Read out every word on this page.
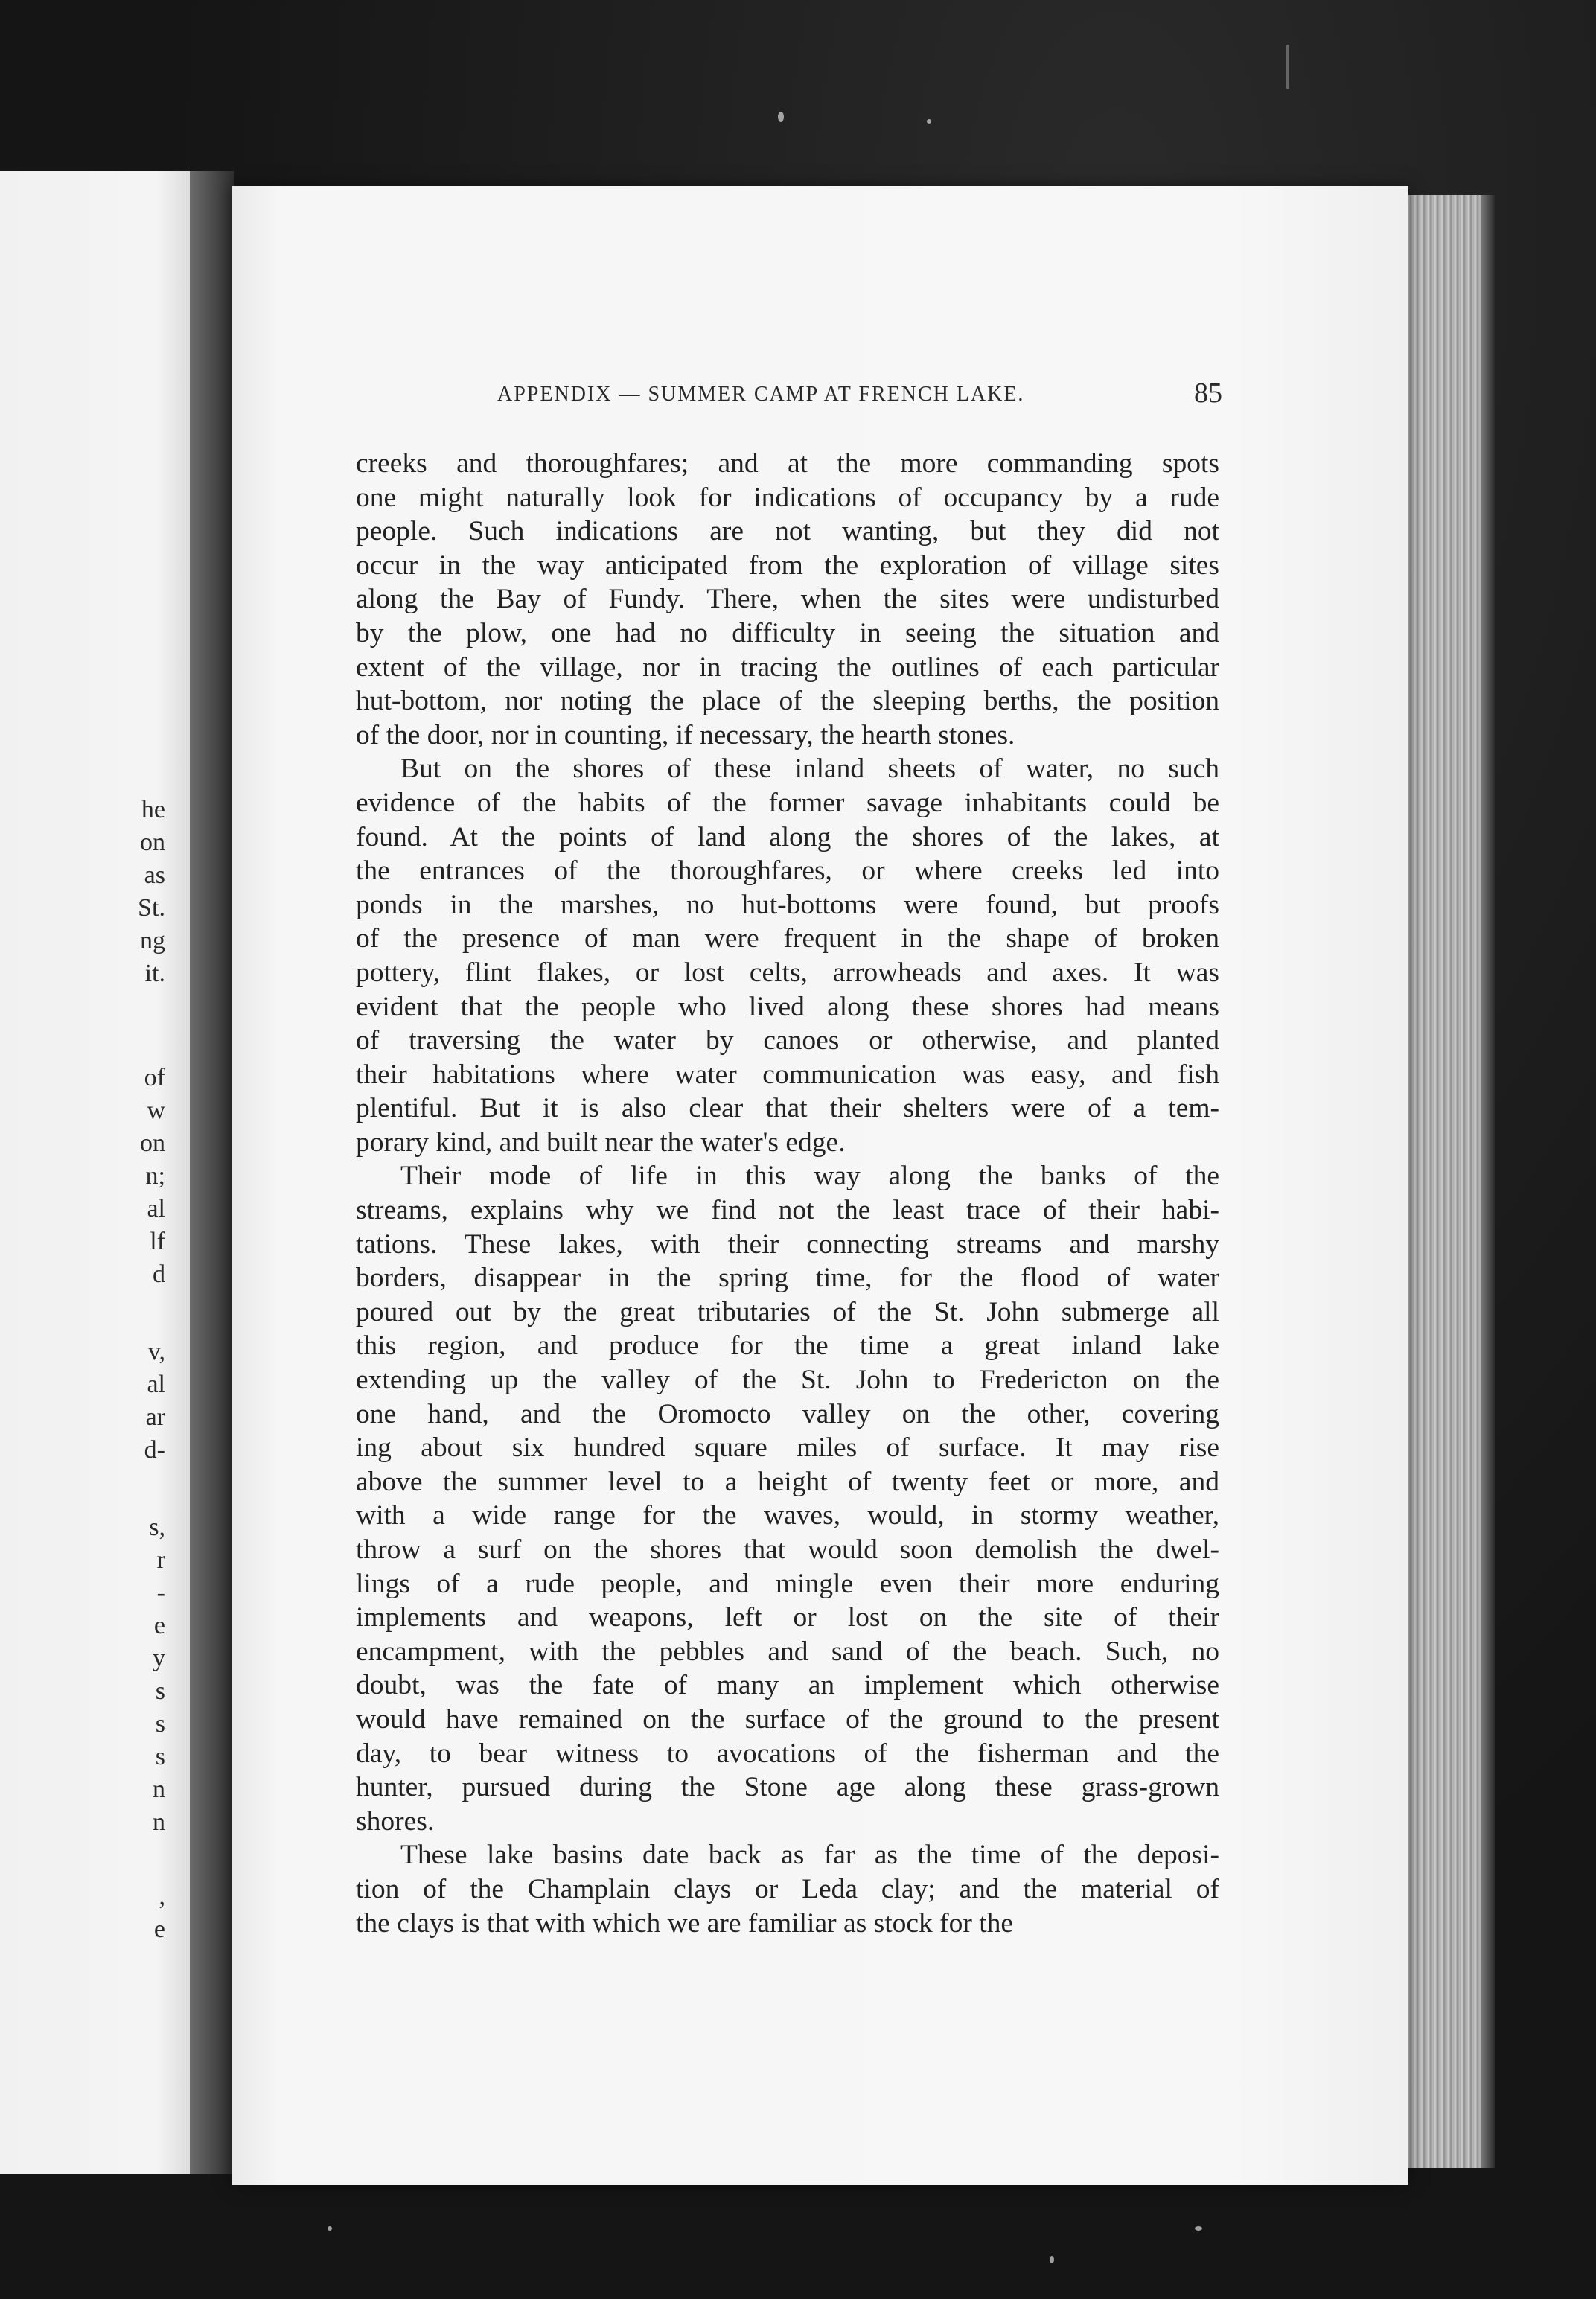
he
on
as
St.
ng
it.
of
w
on
n;
al
lf
d
v,
al
ar
d-
s,
r
-
e
y
s
s
s
n
n
,
e
APPENDIX — SUMMER CAMP AT FRENCH LAKE.	85
creeks and thoroughfares; and at the more commanding spots
one might naturally look for indications of occupancy by a rude
people. Such indications are not wanting, but they did not
occur in the way anticipated from the exploration of village sites
along the Bay of Fundy. There, when the sites were undisturbed
by the plow, one had no difficulty in seeing the situation and
extent of the village, nor in tracing the outlines of each particular
hut-bottom, nor noting the place of the sleeping berths, the position
of the door, nor in counting, if necessary, the hearth stones.
But on the shores of these inland sheets of water, no such
evidence of the habits of the former savage inhabitants could be
found. At the points of land along the shores of the lakes, at
the entrances of the thoroughfares, or where creeks led into
ponds in the marshes, no hut-bottoms were found, but proofs
of the presence of man were frequent in the shape of broken
pottery, flint flakes, or lost celts, arrowheads and axes. It was
evident that the people who lived along these shores had means
of traversing the water by canoes or otherwise, and planted
their habitations where water communication was easy, and fish
plentiful. But it is also clear that their shelters were of a tem-
porary kind, and built near the water's edge.
Their mode of life in this way along the banks of the
streams, explains why we find not the least trace of their habi-
tations. These lakes, with their connecting streams and marshy
borders, disappear in the spring time, for the flood of water
poured out by the great tributaries of the St. John submerge all
this region, and produce for the time a great inland lake
extending up the valley of the St. John to Fredericton on the
one hand, and the Oromocto valley on the other, covering
ing about six hundred square miles of surface. It may rise
above the summer level to a height of twenty feet or more, and
with a wide range for the waves, would, in stormy weather,
throw a surf on the shores that would soon demolish the dwel-
lings of a rude people, and mingle even their more enduring
implements and weapons, left or lost on the site of their
encampment, with the pebbles and sand of the beach. Such, no
doubt, was the fate of many an implement which otherwise
would have remained on the surface of the ground to the present
day, to bear witness to avocations of the fisherman and the
hunter, pursued during the Stone age along these grass-grown
shores.
These lake basins date back as far as the time of the deposi-
tion of the Champlain clays or Leda clay; and the material of
the clays is that with which we are familiar as stock for the
